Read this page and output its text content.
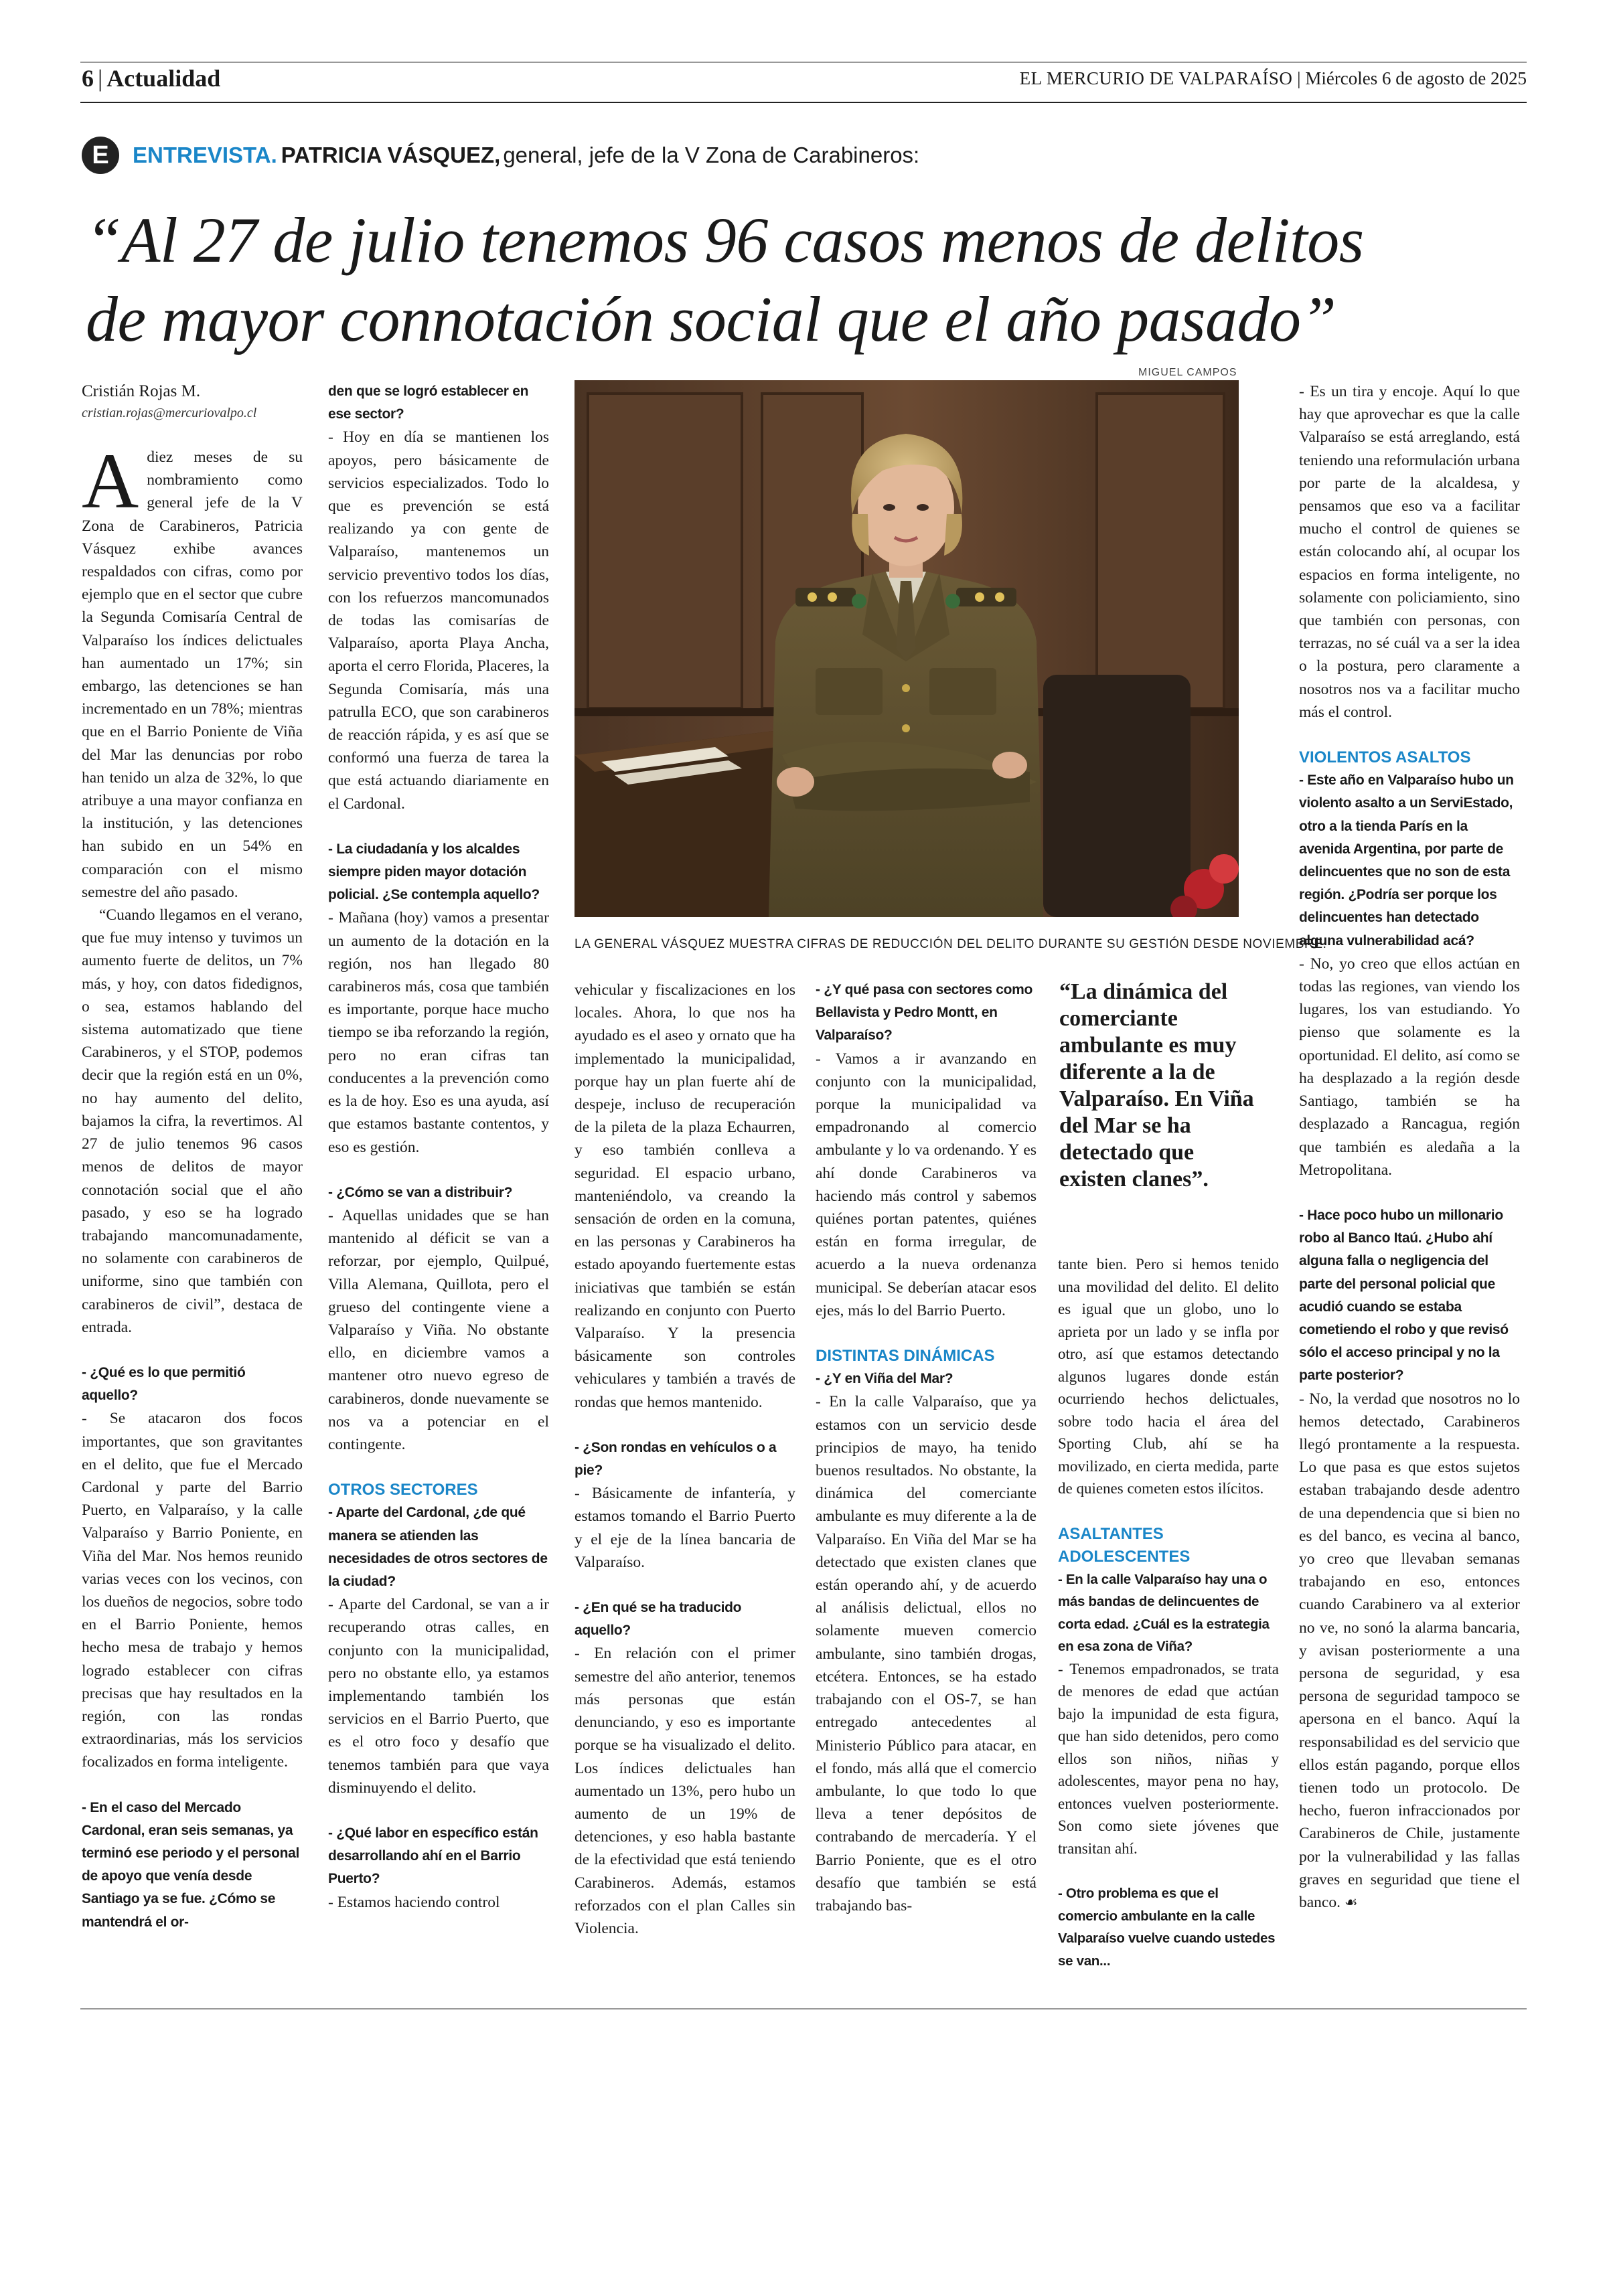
6 | Actualidad	EL MERCURIO DE VALPARAÍSO | Miércoles 6 de agosto de 2025
E	ENTREVISTA . PATRICIA VÁSQUEZ,
general, jefe de la V Zona de Carabineros:
“Al 27 de julio tenemos 96 casos menos de delitos
de mayor connotación social que el año pasado”
Cristián Rojas M.
cristian.rojas@mercuriovalpo.cl

Adiez meses de su nombramiento como general jefe de la V Zona de Carabineros, Patricia Vásquez exhibe avances respaldados con cifras, como por ejemplo que en el sector que cubre la Segunda Comisaría Central de Valparaíso los índices delictuales han aumentado un 17%; sin embargo, las detenciones se han incrementado en un 78%; mientras que en el Barrio Poniente de Viña del Mar las denuncias por robo han tenido un alza de 32%, lo que atribuye a una mayor confianza en la institución, y las detenciones han subido en un 54% en comparación con el mismo semestre del año pasado.

“Cuando llegamos en el verano, que fue muy intenso y tuvimos un aumento fuerte de delitos, un 7% más, y hoy, con datos fidedignos, o sea, estamos hablando del sistema automatizado que tiene Carabineros, y el STOP, podemos decir que la región está en un 0%, no hay aumento del delito, bajamos la cifra, la revertimos. Al 27 de julio tenemos 96 casos menos de delitos de mayor connotación social que el año pasado, y eso se ha logrado trabajando mancomunadamente, no solamente con carabineros de uniforme, sino que también con carabineros de civil”, destaca de entrada.

- ¿Qué es lo que permitió aquello?

- Se atacaron dos focos importantes, que son gravitantes en el delito, que fue el Mercado Cardonal y parte del Barrio Puerto, en Valparaíso, y la calle Valparaíso y Barrio Poniente, en Viña del Mar. Nos hemos reunido varias veces con los vecinos, con los dueños de negocios, sobre todo en el Barrio Poniente, hemos hecho mesa de trabajo y hemos logrado establecer con cifras precisas que hay resultados en la región, con las rondas extraordinarias, más los servicios focalizados en forma inteligente.

- En el caso del Mercado Cardonal, eran seis semanas, ya terminó ese periodo y el personal de apoyo que venía desde Santiago ya se fue. ¿Cómo se mantendrá el or-

den que se logró establecer en ese sector?

- Hoy en día se mantienen los apoyos, pero básicamente de servicios especializados. Todo lo que es prevención se está realizando ya con gente de Valparaíso, mantenemos un servicio preventivo todos los días, con los refuerzos mancomunados de todas las comisarías de Valparaíso, aporta Playa Ancha, aporta el cerro Florida, Placeres, la Segunda Comisaría, más una patrulla ECO, que son carabineros de reacción rápida, y es así que se conformó una fuerza de tarea la que está actuando diariamente en el Cardonal.

- La ciudadanía y los alcaldes siempre piden mayor dotación policial. ¿Se contempla aquello?

- Mañana (hoy) vamos a presentar un aumento de la dotación en la región, nos han llegado 80 carabineros más, cosa que también es importante, porque hace mucho tiempo se iba reforzando la región, pero no eran cifras tan conducentes a la prevención como es la de hoy. Eso es una ayuda, así que estamos bastante contentos, y eso es gestión.

- ¿Cómo se van a distribuir?

- Aquellas unidades que se han mantenido al déficit se van a reforzar, por ejemplo, Quilpué, Villa Alemana, Quillota, pero el grueso del contingente viene a Valparaíso y Viña. No obstante ello, en diciembre vamos a mantener otro nuevo egreso de carabineros, donde nuevamente se nos va a potenciar en el contingente.

OTROS SECTORES

- Aparte del Cardonal, ¿de qué manera se atienden las necesidades de otros sectores de la ciudad?

- Aparte del Cardonal, se van a ir recuperando otras calles, en conjunto con la municipalidad, pero no obstante ello, ya estamos implementando también los servicios en el Barrio Puerto, que es el otro foco y desafío que tenemos también para que vaya disminuyendo el delito.

- ¿Qué labor en específico están desarrollando ahí en el Barrio Puerto?

- Estamos haciendo control

MIGUEL CAMPOS
LA GENERAL VÁSQUEZ MUESTRA CIFRAS DE REDUCCIÓN DEL DELITO DURANTE SU GESTIÓN DESDE NOVIEMBRE.

vehicular y fiscalizaciones en los locales. Ahora, lo que nos ha ayudado es el aseo y ornato que ha implementado la municipalidad, porque hay un plan fuerte ahí de despeje, incluso de recuperación de la pileta de la plaza Echaurren, y eso también conlleva a seguridad. El espacio urbano, manteniéndolo, va creando la sensación de orden en la comuna, en las personas y Carabineros ha estado apoyando fuertemente estas iniciativas que también se están realizando en conjunto con Puerto Valparaíso. Y la presencia básicamente son controles vehiculares y también a través de rondas que hemos mantenido.

- ¿Son rondas en vehículos o a pie?

- Básicamente de infantería, y estamos tomando el Barrio Puerto y el eje de la línea bancaria de Valparaíso.

- ¿En qué se ha traducido aquello?

- En relación con el primer semestre del año anterior, tenemos más personas que están denunciando, y eso es importante porque se ha visualizado el delito. Los índices delictuales han aumentado un 13%, pero hubo un aumento de un 19% de detenciones, y eso habla bastante de la efectividad que está teniendo Carabineros. Además, estamos reforzados con el plan Calles sin Violencia.

- ¿Y qué pasa con sectores como Bellavista y Pedro Montt, en Valparaíso?

- Vamos a ir avanzando en conjunto con la municipalidad, porque la municipalidad va empadronando al comercio ambulante y lo va ordenando. Y es ahí donde Carabineros va haciendo más control y sabemos quiénes portan patentes, quiénes están en forma irregular, de acuerdo a la nueva ordenanza municipal. Se deberían atacar esos ejes, más lo del Barrio Puerto.

DISTINTAS DINÁMICAS

- ¿Y en Viña del Mar?

- En la calle Valparaíso, que ya estamos con un servicio desde principios de mayo, ha tenido buenos resultados. No obstante, la dinámica del comerciante ambulante es muy diferente a la de Valparaíso. En Viña del Mar se ha detectado que existen clanes que están operando ahí, y de acuerdo al análisis delictual, ellos no solamente mueven comercio ambulante, sino también drogas, etcétera. Entonces, se ha estado trabajando con el OS-7, se han entregado antecedentes al Ministerio Público para atacar, en el fondo, más allá que el comercio ambulante, lo que todo lo que lleva a tener depósitos de contrabando de mercadería. Y el Barrio Poniente, que es el otro desafío que también se está trabajando bas-

“La dinámica del comerciante ambulante es muy diferente a la de Valparaíso. En Viña del Mar se ha detectado que existen clanes”.

tante bien. Pero si hemos tenido una movilidad del delito. El delito es igual que un globo, uno lo aprieta por un lado y se infla por otro, así que estamos detectando algunos lugares donde están ocurriendo hechos delictuales, sobre todo hacia el área del Sporting Club, ahí se ha movilizado, en cierta medida, parte de quienes cometen estos ilícitos.

ASALTANTES ADOLESCENTES

- En la calle Valparaíso hay una o más bandas de delincuentes de corta edad. ¿Cuál es la estrategia en esa zona de Viña?

- Tenemos empadronados, se trata de menores de edad que actúan bajo la impunidad de esta figura, que han sido detenidos, pero como ellos son niños, niñas y adolescentes, mayor pena no hay, entonces vuelven posteriormente. Son como siete jóvenes que transitan ahí.

- Otro problema es que el comercio ambulante en la calle Valparaíso vuelve cuando ustedes se van...

- Es un tira y encoje. Aquí lo que hay que aprovechar es que la calle Valparaíso se está arreglando, está teniendo una reformulación urbana por parte de la alcaldesa, y pensamos que eso va a facilitar mucho el control de quienes se están colocando ahí, al ocupar los espacios en forma inteligente, no solamente con policiamiento, sino que también con personas, con terrazas, no sé cuál va a ser la idea o la postura, pero claramente a nosotros nos va a facilitar mucho más el control.

VIOLENTOS ASALTOS

- Este año en Valparaíso hubo un violento asalto a un ServiEstado, otro a la tienda París en la avenida Argentina, por parte de delincuentes que no son de esta región. ¿Podría ser porque los delincuentes han detectado alguna vulnerabilidad acá?

- No, yo creo que ellos actúan en todas las regiones, van viendo los lugares, los van estudiando. Yo pienso que solamente es la oportunidad. El delito, así como se ha desplazado a la región desde Santiago, también se ha desplazado a Rancagua, región que también es aledaña a la Metropolitana.

- Hace poco hubo un millonario robo al Banco Itaú. ¿Hubo ahí alguna falla o negligencia del parte del personal policial que acudió cuando se estaba cometiendo el robo y que revisó sólo el acceso principal y no la parte posterior?

- No, la verdad que nosotros no lo hemos detectado, Carabineros llegó prontamente a la respuesta. Lo que pasa es que estos sujetos estaban trabajando desde adentro de una dependencia que si bien no es del banco, es vecina al banco, yo creo que llevaban semanas trabajando en eso, entonces cuando Carabinero va al exterior no ve, no sonó la alarma bancaria, y avisan posteriormente a una persona de seguridad, y esa persona de seguridad tampoco se apersona en el banco. Aquí la responsabilidad es del servicio que ellos están pagando, porque ellos tienen todo un protocolo. De hecho, fueron infraccionados por Carabineros de Chile, justamente por la vulnerabilidad y las fallas graves en seguridad que tiene el banco. ☙
